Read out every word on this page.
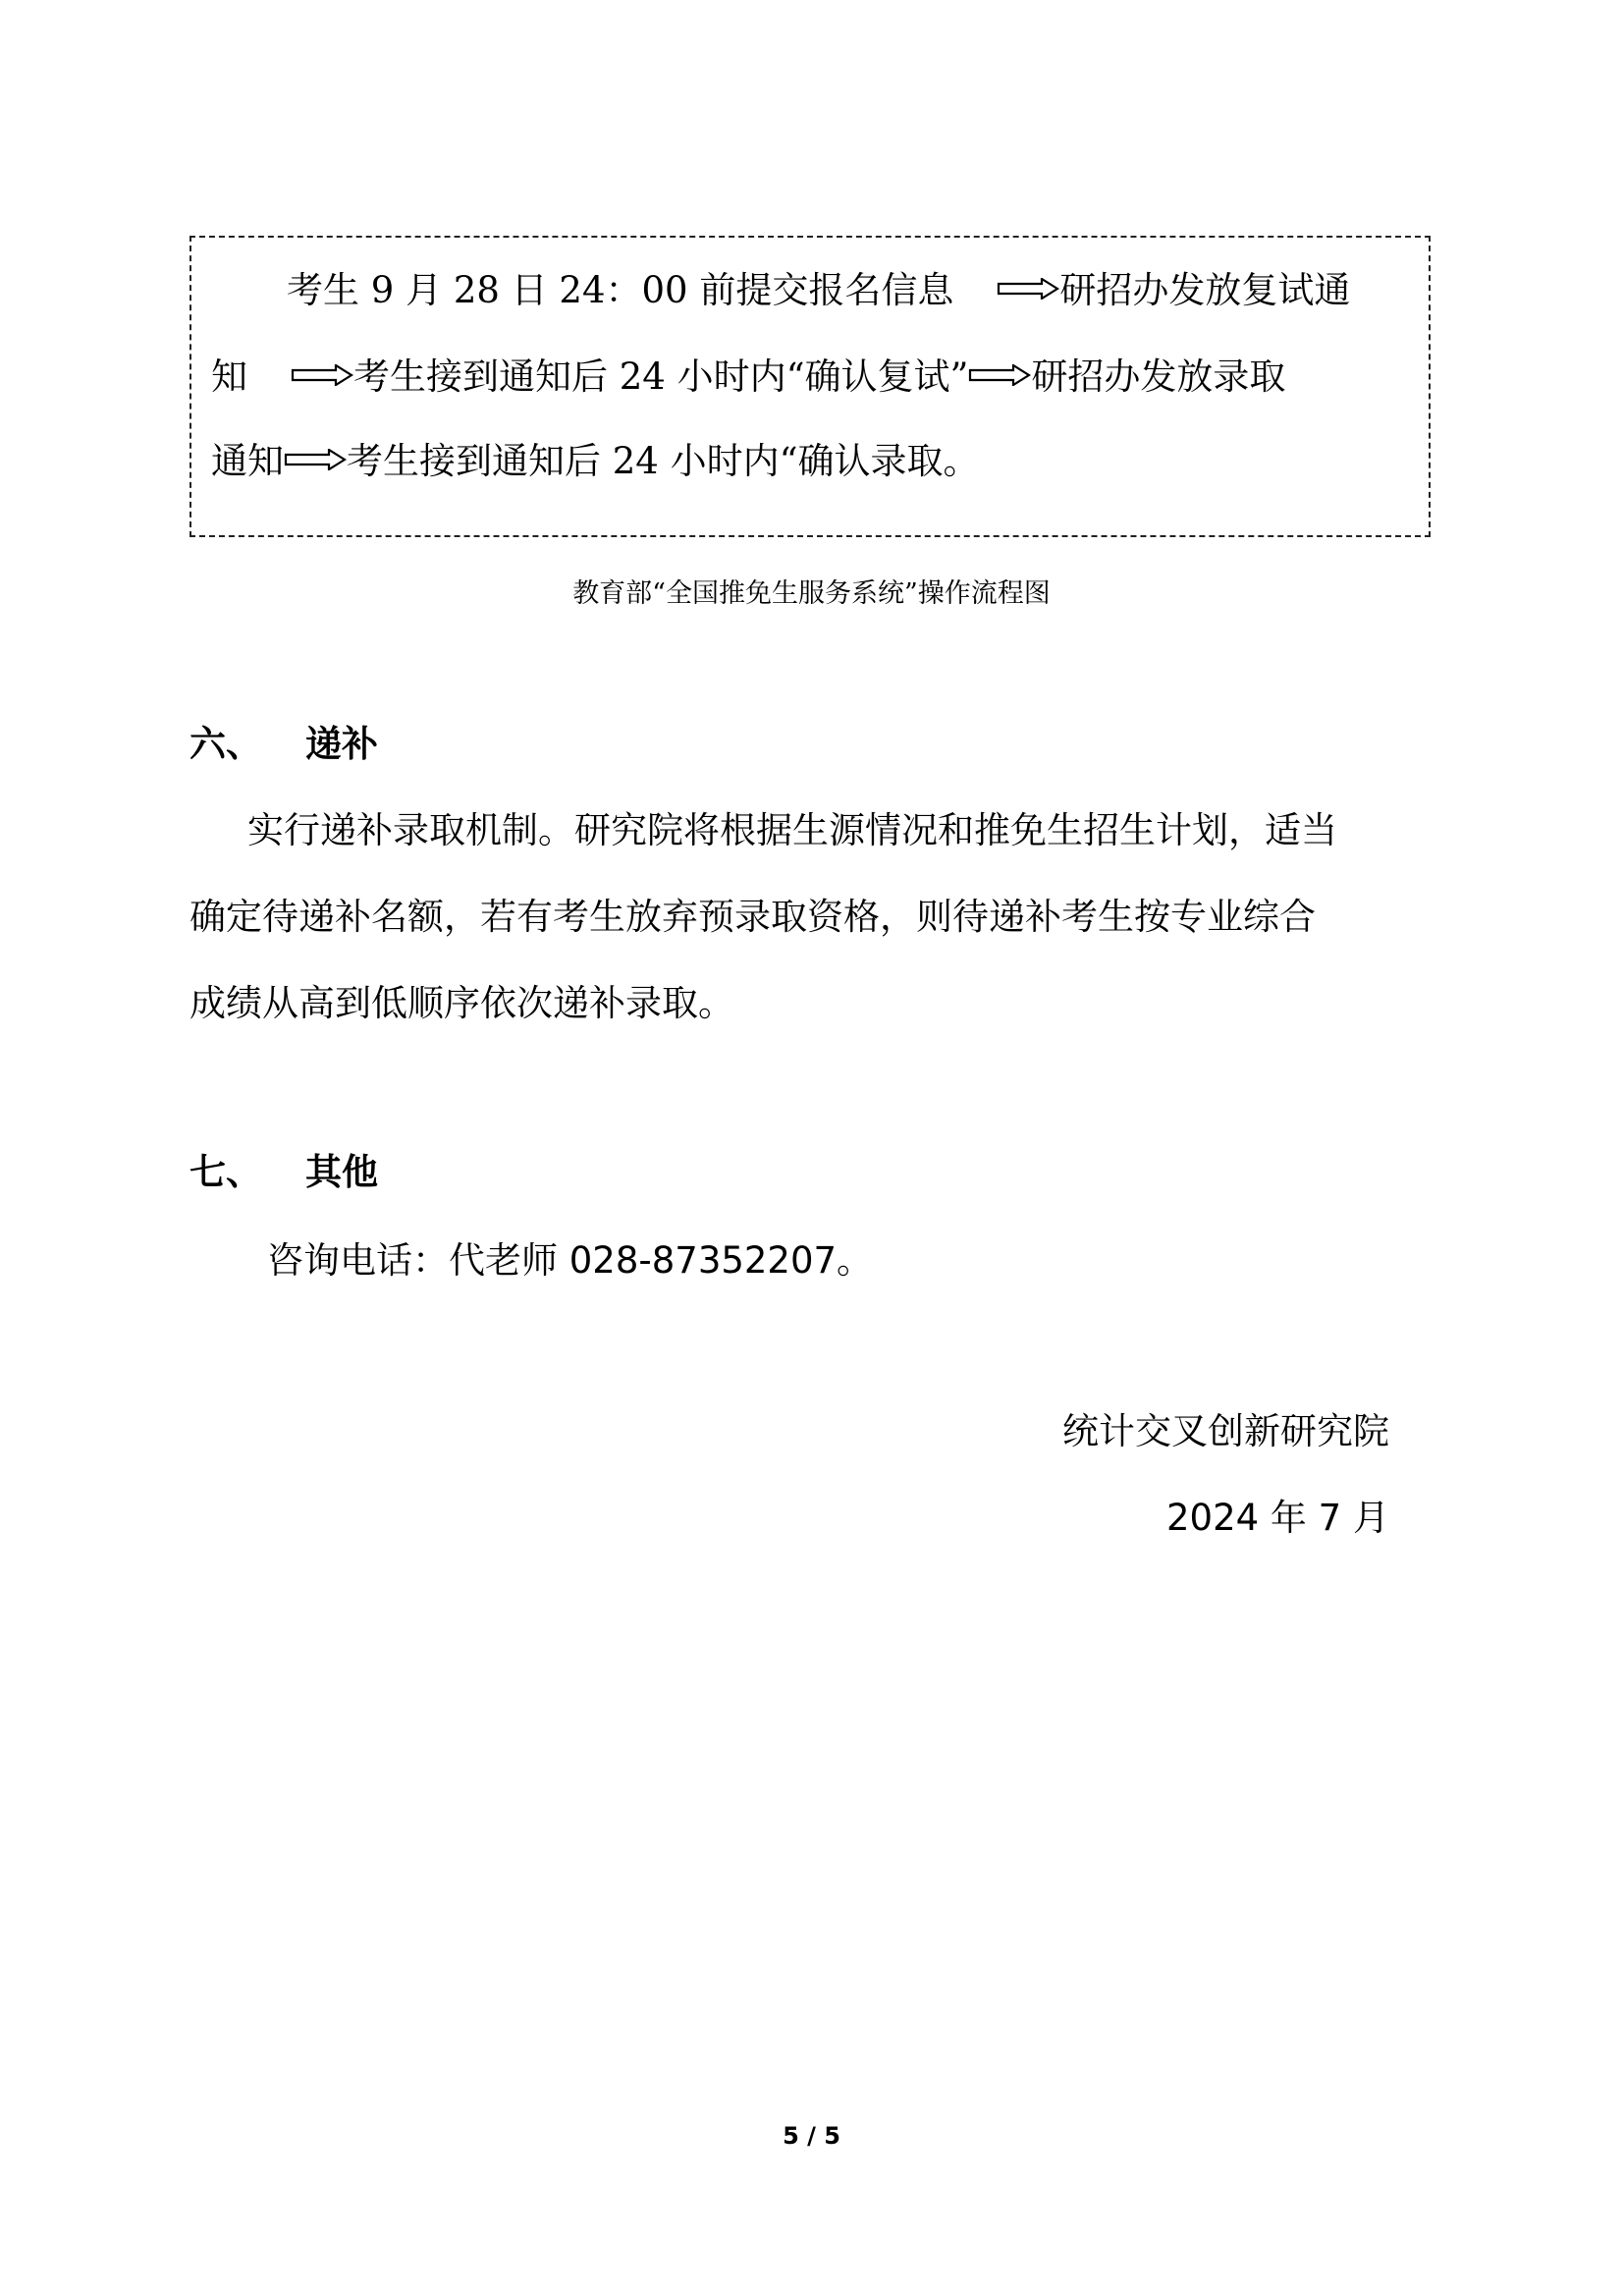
考生 9 月 28 日 24：00 前提交报名信息	研招办发放复试通
知	考生接到通知后 24 小时内“确认复试” 研招办发放录取
通知 考生接到通知后 24 小时内“确认录取。
教育部“全国推免生服务系统”操作流程图
六、 递补
实行递补录取机制。研究院将根据生源情况和推免生招生计划，适当
确定待递补名额，若有考生放弃预录取资格，则待递补考生按专业综合
成绩从高到低顺序依次递补录取。
七、 其他
咨询电话：代老师 028-87352207。
统计交叉创新研究院
2024 年 7 月
5 / 5
